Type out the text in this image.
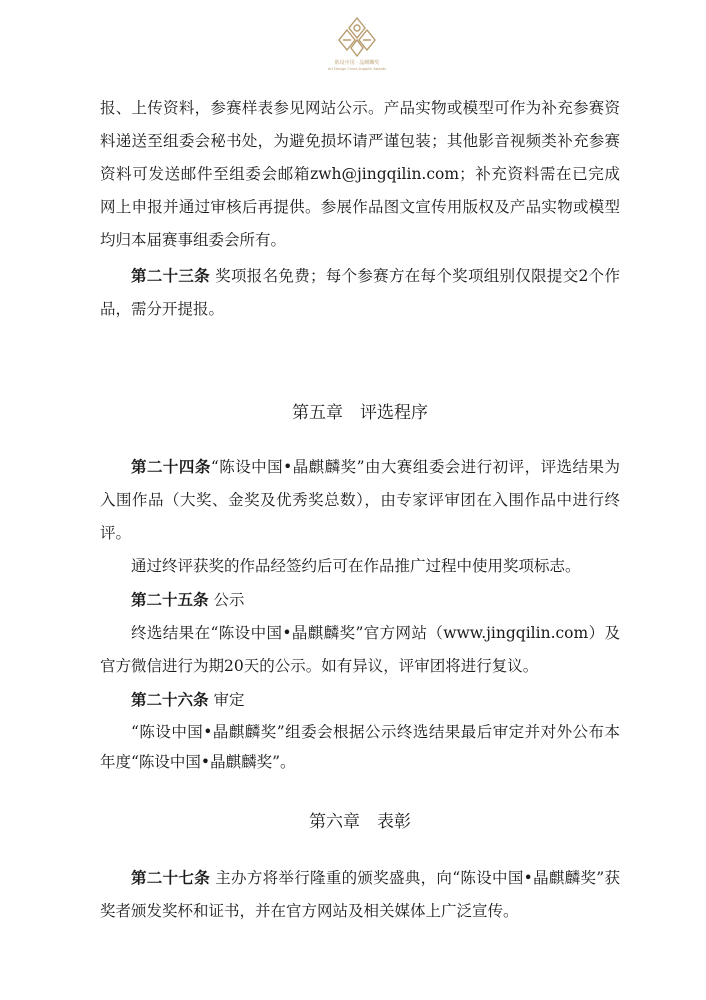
陈设中国 · 晶麒麟奖
Art Design China Jingqilin Awards

报、上传资料，参赛样表参见网站公示。产品实物或模型可作为补充参赛资料递送至组委会秘书处，为避免损坏请严谨包装；其他影音视频类补充参赛资料可发送邮件至组委会邮箱zwh@jingqilin.com；补充资料需在已完成网上申报并通过审核后再提供。参展作品图文宣传用版权及产品实物或模型均归本届赛事组委会所有。

第二十三条 奖项报名免费；每个参赛方在每个奖项组别仅限提交2个作品，需分开提报。

第五章　评选程序

第二十四条“陈设中国•晶麒麟奖”由大赛组委会进行初评，评选结果为入围作品（大奖、金奖及优秀奖总数），由专家评审团在入围作品中进行终评。

通过终评获奖的作品经签约后可在作品推广过程中使用奖项标志。

第二十五条 公示

终选结果在“陈设中国•晶麒麟奖”官方网站（www.jingqilin.com）及官方微信进行为期20天的公示。如有异议，评审团将进行复议。

第二十六条 审定

“陈设中国•晶麒麟奖”组委会根据公示终选结果最后审定并对外公布本年度“陈设中国•晶麒麟奖”。

第六章　表彰

第二十七条 主办方将举行隆重的颁奖盛典，向“陈设中国•晶麒麟奖”获奖者颁发奖杯和证书，并在官方网站及相关媒体上广泛宣传。
